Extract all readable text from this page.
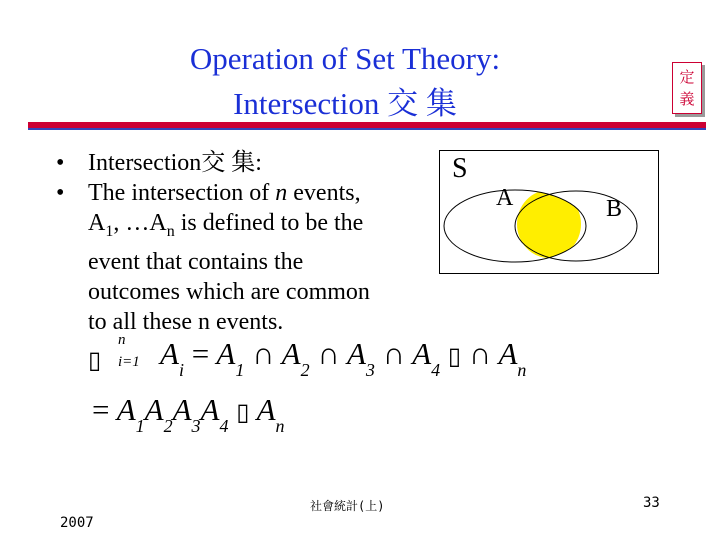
Operation of Set Theory:
Intersection 交 集
定
義
• Intersection交 集:
• The intersection of n events,
$A_1$, $\dots A_n$ is defined to be the
event that contains the
outcomes which are common
to all these n events.
S
A	B
▯
n
i=1 $A_i = A_1$ ∩ $A_2$ ∩ $A_3$ ∩ $A_4$ ▯ ∩ $A_n$
= $A_1A_2A_3A_4$ ▯ $A_n$
社會統計(上)
2007
33
